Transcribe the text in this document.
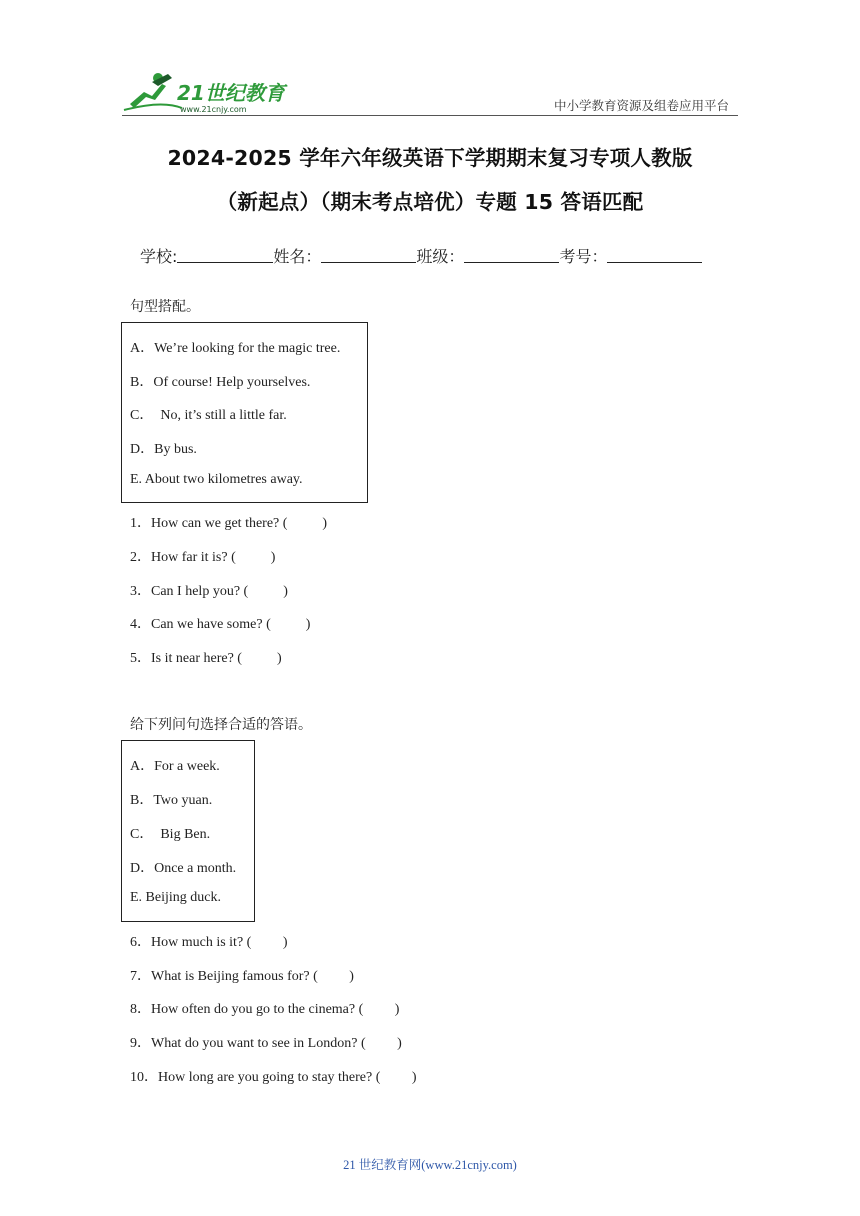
21世纪教育
www.21cnjy.com	中小学教育资源及组卷应用平台
2024-2025 学年六年级英语下学期期末复习专项人教版
（新起点）（期末考点培优）专题 15 答语匹配
学校:	姓名：	班级：	考号：
句型搭配。
A．We’re looking for the magic tree.
B．Of course! Help yourselves.
C．  No, it’s still a little far.
D．By bus.
E. About two kilometres away.
1．How can we get there? (          )
2．How far it is? (          )
3．Can I help you? (          )
4．Can we have some? (          )
5．Is it near here? (          )
给下列问句选择合适的答语。
A．For a week.
B．Two yuan.
C．  Big Ben.
D．Once a month.
E. Beijing duck.
6．How much is it? (         )
7．What is Beijing famous for? (         )
8．How often do you go to the cinema? (         )
9．What do you want to see in London? (         )
10．How long are you going to stay there? (         )
21 世纪教育网(www.21cnjy.com)
